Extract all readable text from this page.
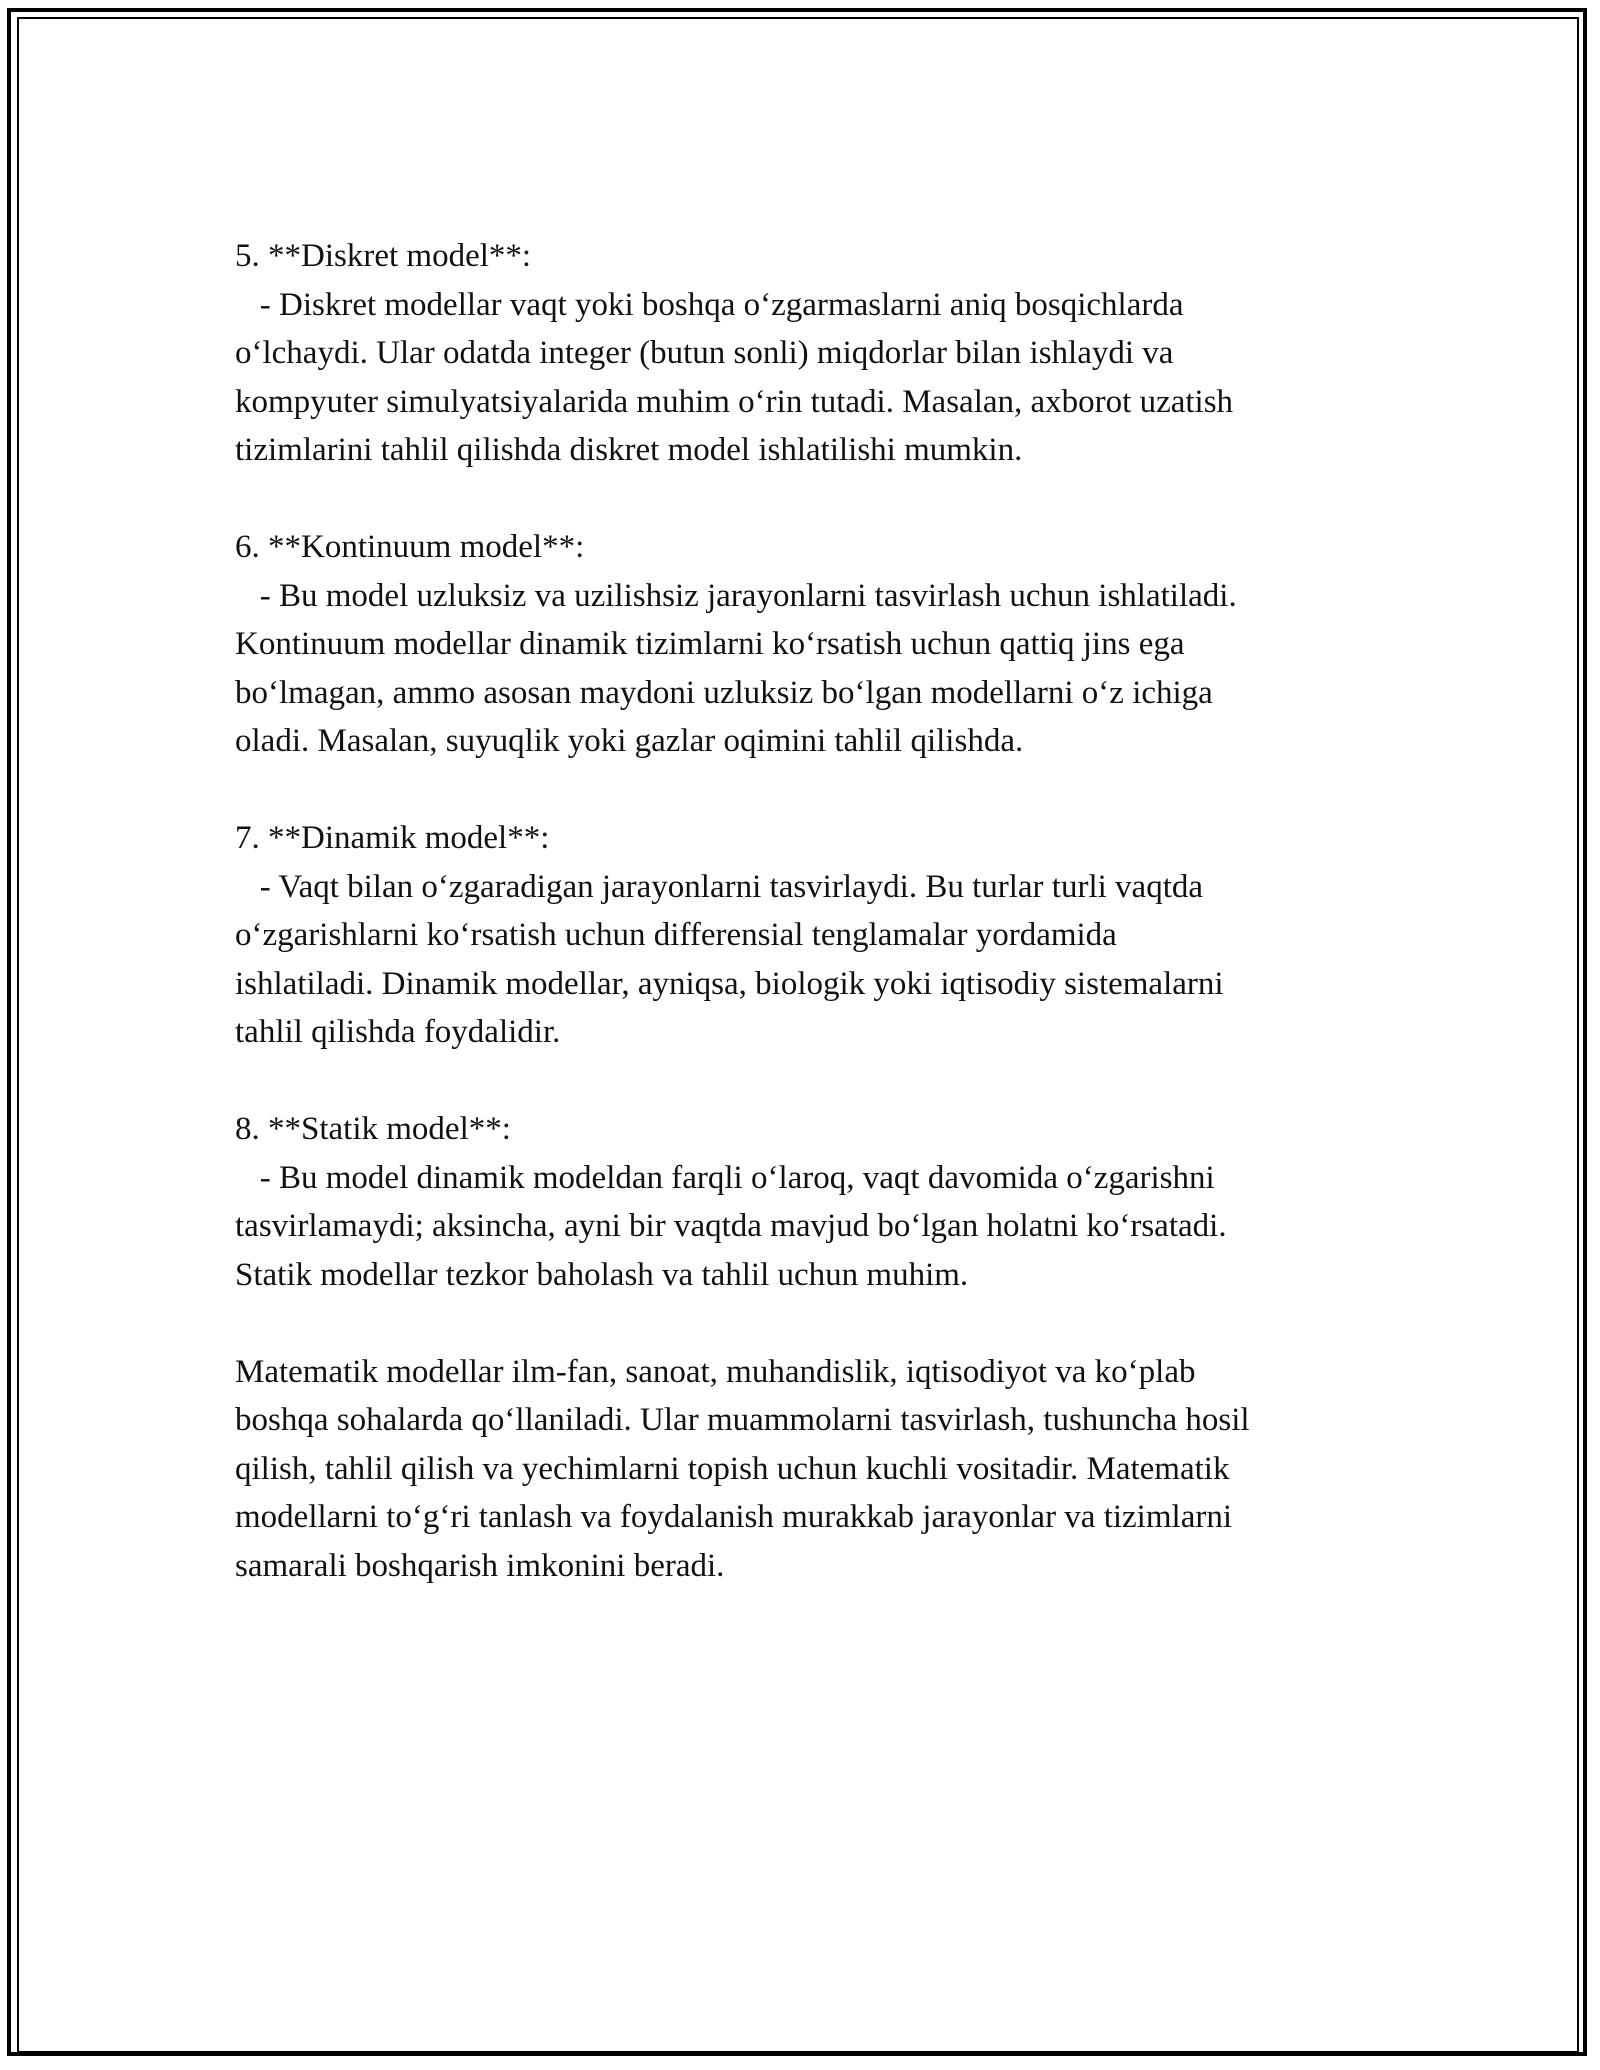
5. **Diskret model**:
- Diskret modellar vaqt yoki boshqa o‘zgarmaslarni aniq bosqichlarda
o‘lchaydi. Ular odatda integer (butun sonli) miqdorlar bilan ishlaydi va
kompyuter simulyatsiyalarida muhim o‘rin tutadi. Masalan, axborot uzatish
tizimlarini tahlil qilishda diskret model ishlatilishi mumkin.
6. **Kontinuum model**:
- Bu model uzluksiz va uzilishsiz jarayonlarni tasvirlash uchun ishlatiladi.
Kontinuum modellar dinamik tizimlarni ko‘rsatish uchun qattiq jins ega
bo‘lmagan, ammo asosan maydoni uzluksiz bo‘lgan modellarni o‘z ichiga
oladi. Masalan, suyuqlik yoki gazlar oqimini tahlil qilishda.
7. **Dinamik model**:
- Vaqt bilan o‘zgaradigan jarayonlarni tasvirlaydi. Bu turlar turli vaqtda
o‘zgarishlarni ko‘rsatish uchun differensial tenglamalar yordamida
ishlatiladi. Dinamik modellar, ayniqsa, biologik yoki iqtisodiy sistemalarni
tahlil qilishda foydalidir.
8. **Statik model**:
- Bu model dinamik modeldan farqli o‘laroq, vaqt davomida o‘zgarishni
tasvirlamaydi; aksincha, ayni bir vaqtda mavjud bo‘lgan holatni ko‘rsatadi.
Statik modellar tezkor baholash va tahlil uchun muhim.
Matematik modellar ilm-fan, sanoat, muhandislik, iqtisodiyot va ko‘plab
boshqa sohalarda qo‘llaniladi. Ular muammolarni tasvirlash, tushuncha hosil
qilish, tahlil qilish va yechimlarni topish uchun kuchli vositadir. Matematik
modellarni to‘g‘ri tanlash va foydalanish murakkab jarayonlar va tizimlarni
samarali boshqarish imkonini beradi.
